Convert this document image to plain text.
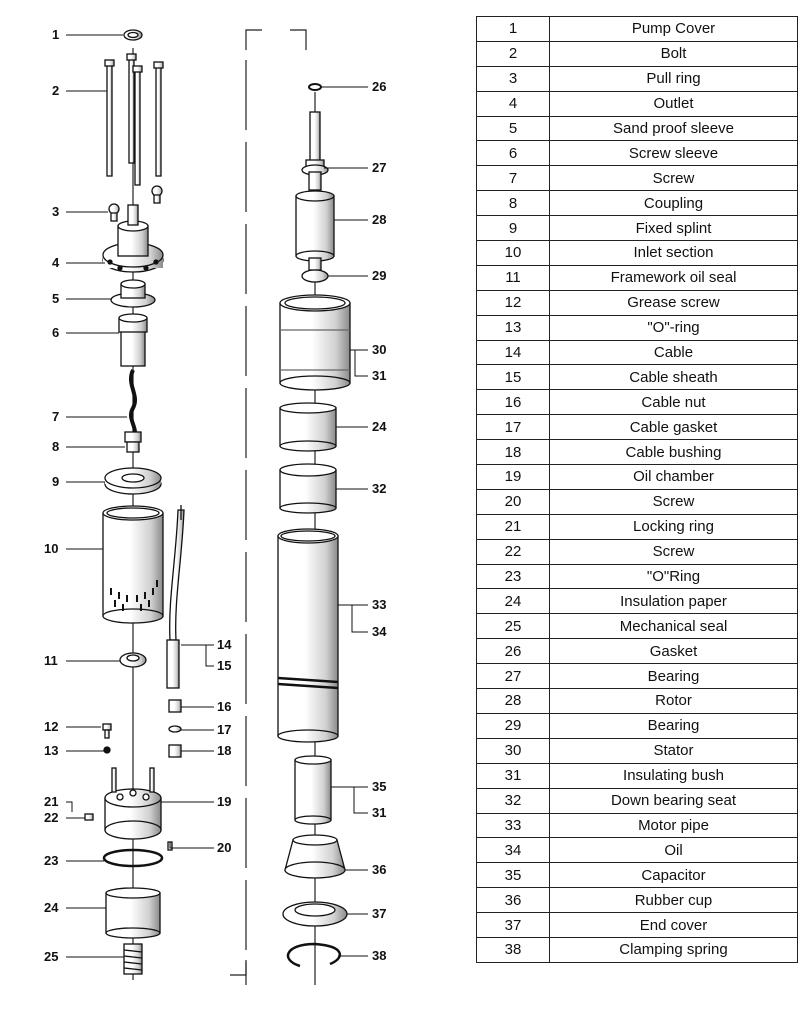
1
2
3
4
5
6
7
8
9
10
11
12
13
21
22
23
24
25
14
15
16
17
18
19
20
26
27
28
29
30
31
24
32
33
34
35
31
36
37
38
1	Pump Cover
2	Bolt
3	Pull ring
4	Outlet
5	Sand proof sleeve
6	Screw sleeve
7	Screw
8	Coupling
9	Fixed splint
10	Inlet section
11	Framework oil seal
12	Grease screw
13	"O"-ring
14	Cable
15	Cable sheath
16	Cable nut
17	Cable gasket
18	Cable bushing
19	Oil chamber
20	Screw
21	Locking ring
22	Screw
23	"O"Ring
24	Insulation paper
25	Mechanical seal
26	Gasket
27	Bearing
28	Rotor
29	Bearing
30	Stator
31	Insulating bush
32	Down bearing seat
33	Motor pipe
34	Oil
35	Capacitor
36	Rubber cup
37	End cover
38	Clamping spring
